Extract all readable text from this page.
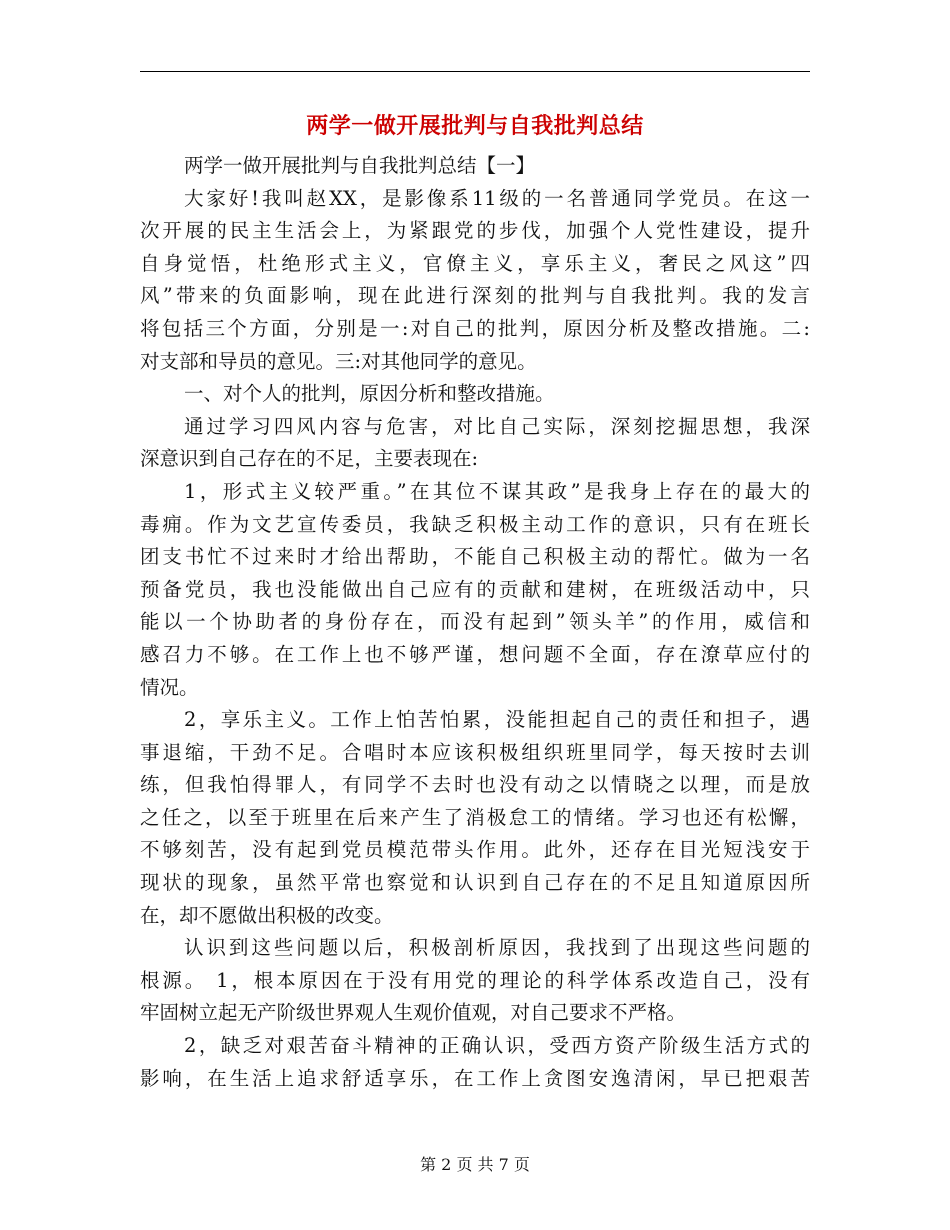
两学一做开展批判与自我批判总结
两学一做开展批判与自我批判总结【一】
大家好!我叫赵XX，是影像系11级的一名普通同学党员。在这一
次开展的民主生活会上，为紧跟党的步伐，加强个人党性建设，提升
自身觉悟，杜绝形式主义，官僚主义，享乐主义，奢民之风这”四
风”带来的负面影响，现在此进行深刻的批判与自我批判。我的发言
将包括三个方面，分别是一:对自己的批判，原因分析及整改措施。二:
对支部和导员的意见。三:对其他同学的意见。
一、对个人的批判，原因分析和整改措施。
通过学习四风内容与危害，对比自己实际，深刻挖掘思想，我深
深意识到自己存在的不足，主要表现在:
1，形式主义较严重。”在其位不谋其政”是我身上存在的最大的
毒痈。作为文艺宣传委员，我缺乏积极主动工作的意识，只有在班长
团支书忙不过来时才给出帮助，不能自己积极主动的帮忙。做为一名
预备党员，我也没能做出自己应有的贡献和建树，在班级活动中，只
能以一个协助者的身份存在，而没有起到”领头羊”的作用，威信和
感召力不够。在工作上也不够严谨，想问题不全面，存在潦草应付的
情况。
2，享乐主义。工作上怕苦怕累，没能担起自己的责任和担子，遇
事退缩，干劲不足。合唱时本应该积极组织班里同学，每天按时去训
练，但我怕得罪人，有同学不去时也没有动之以情晓之以理，而是放
之任之，以至于班里在后来产生了消极怠工的情绪。学习也还有松懈，
不够刻苦，没有起到党员模范带头作用。此外，还存在目光短浅安于
现状的现象，虽然平常也察觉和认识到自己存在的不足且知道原因所
在，却不愿做出积极的改变。
认识到这些问题以后，积极剖析原因，我找到了出现这些问题的
根源。 1，根本原因在于没有用党的理论的科学体系改造自己，没有
牢固树立起无产阶级世界观人生观价值观，对自己要求不严格。
2，缺乏对艰苦奋斗精神的正确认识，受西方资产阶级生活方式的
影响，在生活上追求舒适享乐，在工作上贪图安逸清闲，早已把艰苦
第 2 页 共 7 页
